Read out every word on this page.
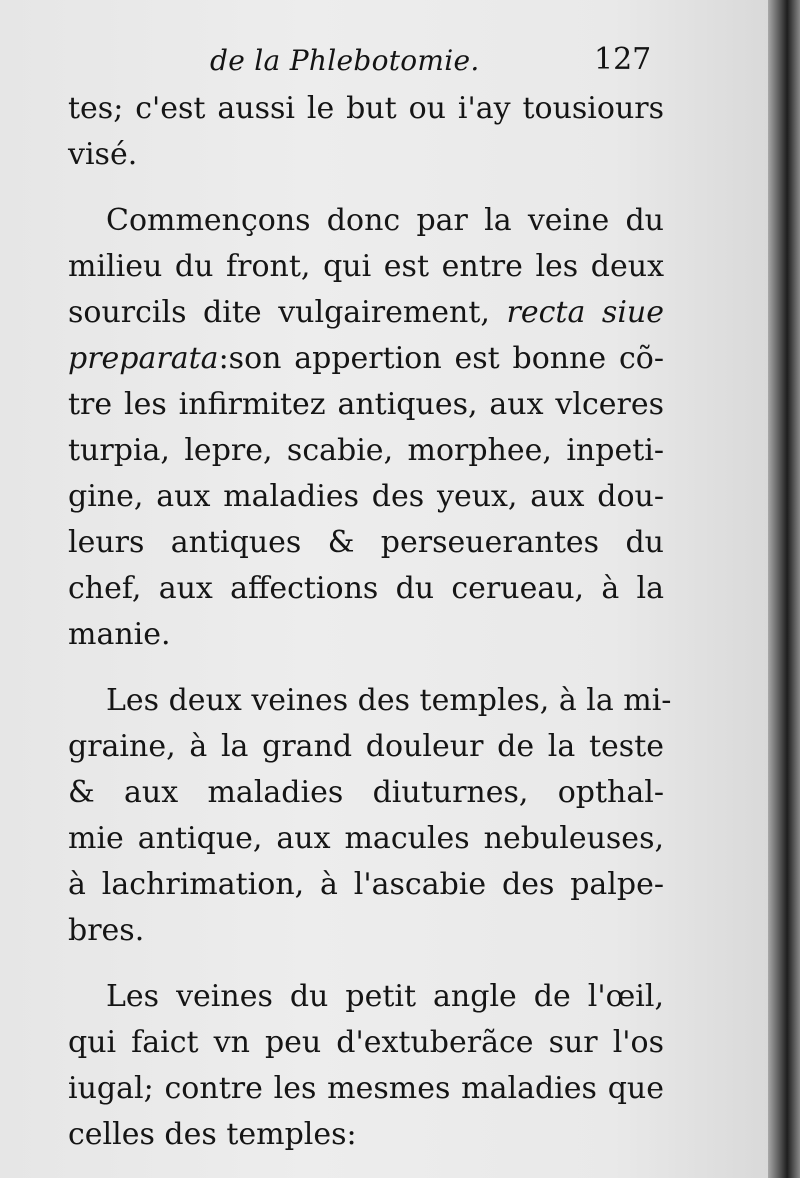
de la Phlebotomie.	127
tes; c'est aussi le but ou i'ay tousiours
visé.
Commençons donc par la veine du
milieu du front, qui est entre les deux
sourcils dite vulgairement, recta siue
preparata:son appertion est bonne cõ-
tre les infirmitez antiques, aux vlceres
turpia, lepre, scabie, morphee, inpeti-
gine, aux maladies des yeux, aux dou-
leurs antiques & perseuerantes du
chef, aux affections du cerueau, à la
manie.
Les deux veines des temples, à la mi-
graine, à la grand douleur de la teste
& aux maladies diuturnes, opthal-
mie antique, aux macules nebuleuses,
à lachrimation, à l'ascabie des palpe-
bres.
Les veines du petit angle de l'œil,
qui faict vn peu d'extuberãce sur l'os
iugal; contre les mesmes maladies que
celles des temples:
